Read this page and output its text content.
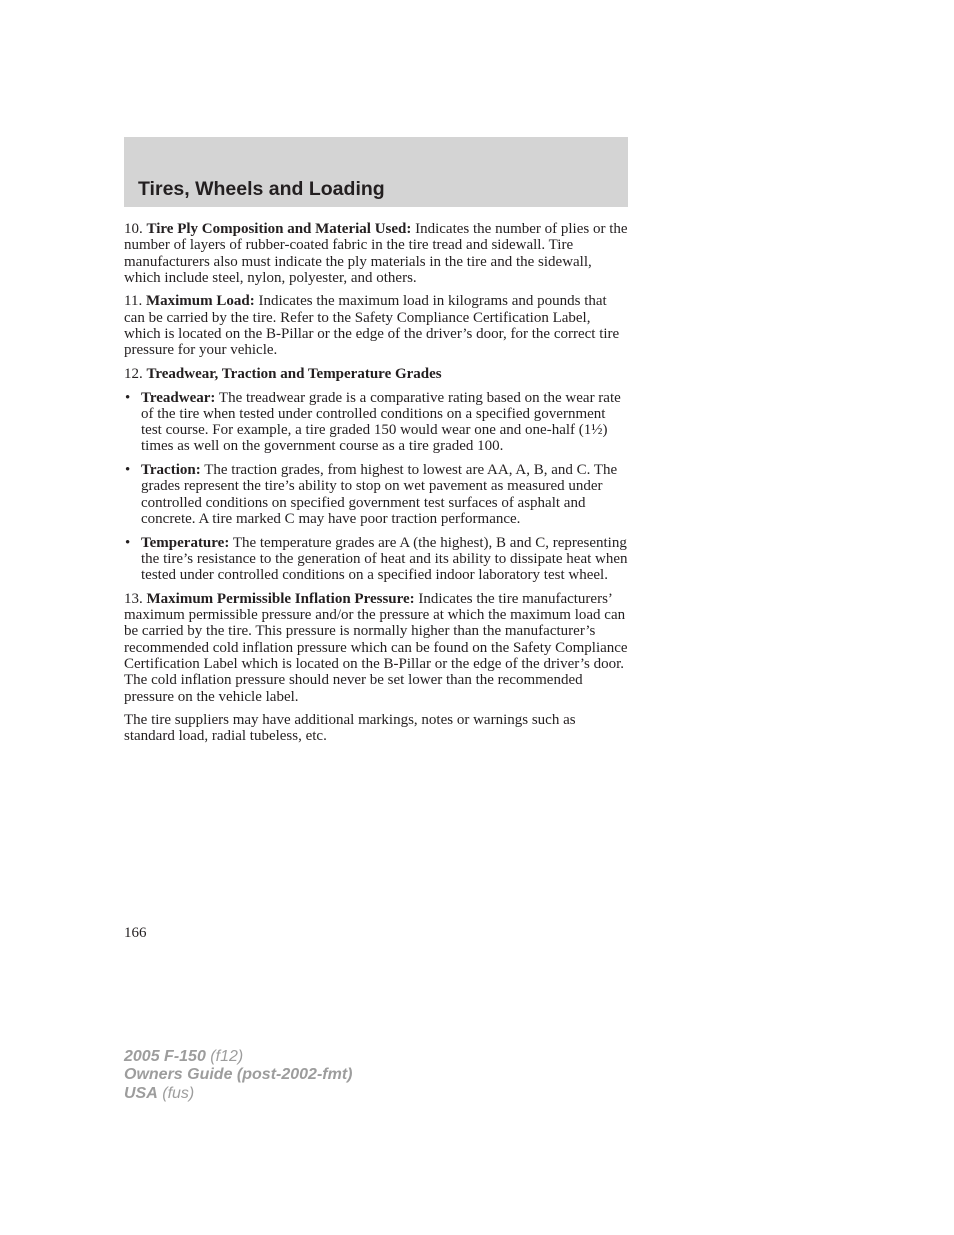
Tires, Wheels and Loading

10. Tire Ply Composition and Material Used: Indicates the number of plies or the number of layers of rubber-coated fabric in the tire tread and sidewall. Tire manufacturers also must indicate the ply materials in the tire and the sidewall, which include steel, nylon, polyester, and others.

11. Maximum Load: Indicates the maximum load in kilograms and pounds that can be carried by the tire. Refer to the Safety Compliance Certification Label, which is located on the B-Pillar or the edge of the driver’s door, for the correct tire pressure for your vehicle.

12. Treadwear, Traction and Temperature Grades

• Treadwear: The treadwear grade is a comparative rating based on the wear rate of the tire when tested under controlled conditions on a specified government test course. For example, a tire graded 150 would wear one and one-half (1½) times as well on the government course as a tire graded 100.
• Traction: The traction grades, from highest to lowest are AA, A, B, and C. The grades represent the tire’s ability to stop on wet pavement as measured under controlled conditions on specified government test surfaces of asphalt and concrete. A tire marked C may have poor traction performance.
• Temperature: The temperature grades are A (the highest), B and C, representing the tire’s resistance to the generation of heat and its ability to dissipate heat when tested under controlled conditions on a specified indoor laboratory test wheel.

13. Maximum Permissible Inflation Pressure: Indicates the tire manufacturers’ maximum permissible pressure and/or the pressure at which the maximum load can be carried by the tire. This pressure is normally higher than the manufacturer’s recommended cold inflation pressure which can be found on the Safety Compliance Certification Label which is located on the B-Pillar or the edge of the driver’s door. The cold inflation pressure should never be set lower than the recommended pressure on the vehicle label.

The tire suppliers may have additional markings, notes or warnings such as standard load, radial tubeless, etc.

166
2005 F-150 (f12)
Owners Guide (post-2002-fmt)
USA (fus)
